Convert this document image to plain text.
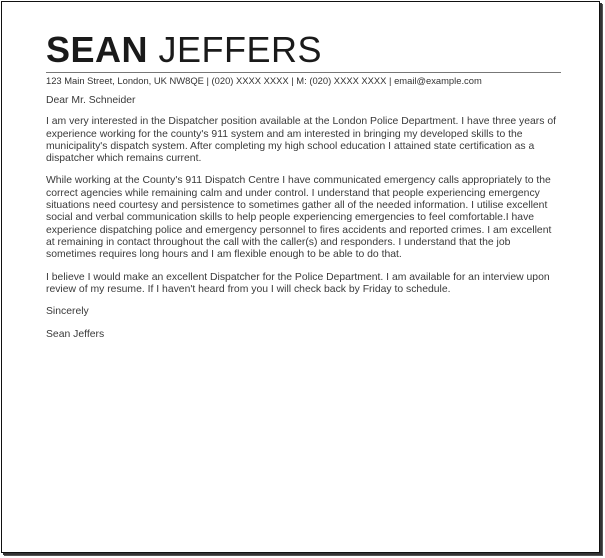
SEAN JEFFERS
123 Main Street, London, UK NW8QE | (020) XXXX XXXX | M: (020) XXXX XXXX | email@example.com

Dear Mr. Schneider

I am very interested in the Dispatcher position available at the London Police Department. I have three years of experience working for the county's 911 system and am interested in bringing my developed skills to the municipality's dispatch system. After completing my high school education I attained state certification as a dispatcher which remains current.

While working at the County's 911 Dispatch Centre I have communicated emergency calls appropriately to the correct agencies while remaining calm and under control. I understand that people experiencing emergency situations need courtesy and persistence to sometimes gather all of the needed information. I utilise excellent social and verbal communication skills to help people experiencing emergencies to feel comfortable.I have experience dispatching police and emergency personnel to fires accidents and reported crimes. I am excellent at remaining in contact throughout the call with the caller(s) and responders. I understand that the job sometimes requires long hours and I am flexible enough to be able to do that.

I believe I would make an excellent Dispatcher for the Police Department. I am available for an interview upon review of my resume. If I haven't heard from you I will check back by Friday to schedule.

Sincerely

Sean Jeffers
